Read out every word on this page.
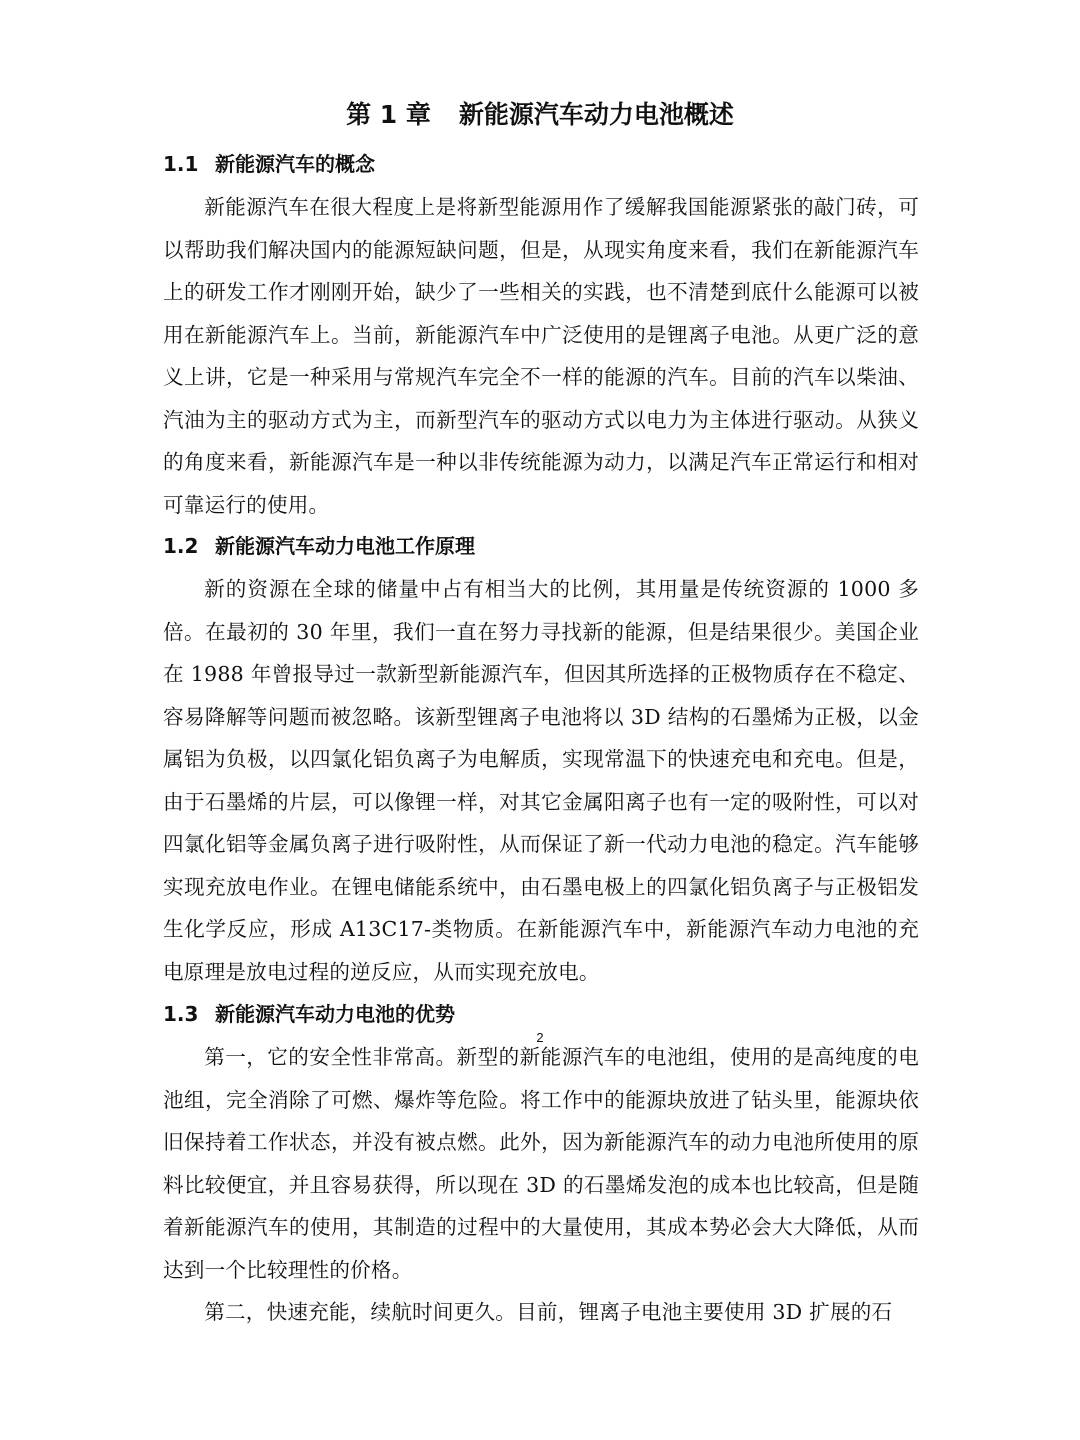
第 1 章 新能源汽车动力电池概述
1.1 新能源汽车的概念

新能源汽车在很大程度上是将新型能源用作了缓解我国能源紧张的敲门砖，可以帮助我们解决国内的能源短缺问题，但是，从现实角度来看，我们在新能源汽车上的研发工作才刚刚开始，缺少了一些相关的实践，也不清楚到底什么能源可以被用在新能源汽车上。当前，新能源汽车中广泛使用的是锂离子电池。从更广泛的意义上讲，它是一种采用与常规汽车完全不一样的能源的汽车。目前的汽车以柴油、汽油为主的驱动方式为主，而新型汽车的驱动方式以电力为主体进行驱动。从狭义的角度来看，新能源汽车是一种以非传统能源为动力，以满足汽车正常运行和相对可靠运行的使用。

1.2 新能源汽车动力电池工作原理

新的资源在全球的储量中占有相当大的比例，其用量是传统资源的 1000 多倍。在最初的 30 年里，我们一直在努力寻找新的能源，但是结果很少。美国企业在 1988 年曾报导过一款新型新能源汽车，但因其所选择的正极物质存在不稳定、容易降解等问题而被忽略。该新型锂离子电池将以 3D 结构的石墨烯为正极，以金属铝为负极，以四氯化铝负离子为电解质，实现常温下的快速充电和充电。但是，由于石墨烯的片层，可以像锂一样，对其它金属阳离子也有一定的吸附性，可以对四氯化铝等金属负离子进行吸附性，从而保证了新一代动力电池的稳定。汽车能够实现充放电作业。在锂电储能系统中，由石墨电极上的四氯化铝负离子与正极铝发生化学反应，形成 A13C17-类物质。在新能源汽车中，新能源汽车动力电池的充电原理是放电过程的逆反应，从而实现充放电。

1.3 新能源汽车动力电池的优势

第一，它的安全性非常高。新型的新能源汽车的电池组，使用的是高纯度的电池组，完全消除了可燃、爆炸等危险。将工作中的能源块放进了钻头里，能源块依旧保持着工作状态，并没有被点燃。此外，因为新能源汽车的动力电池所使用的原料比较便宜，并且容易获得，所以现在 3D 的石墨烯发泡的成本也比较高，但是随着新能源汽车的使用，其制造的过程中的大量使用，其成本势必会大大降低，从而达到一个比较理性的价格。

第二，快速充能，续航时间更久。目前，锂离子电池主要使用 3D 扩展的石

2
